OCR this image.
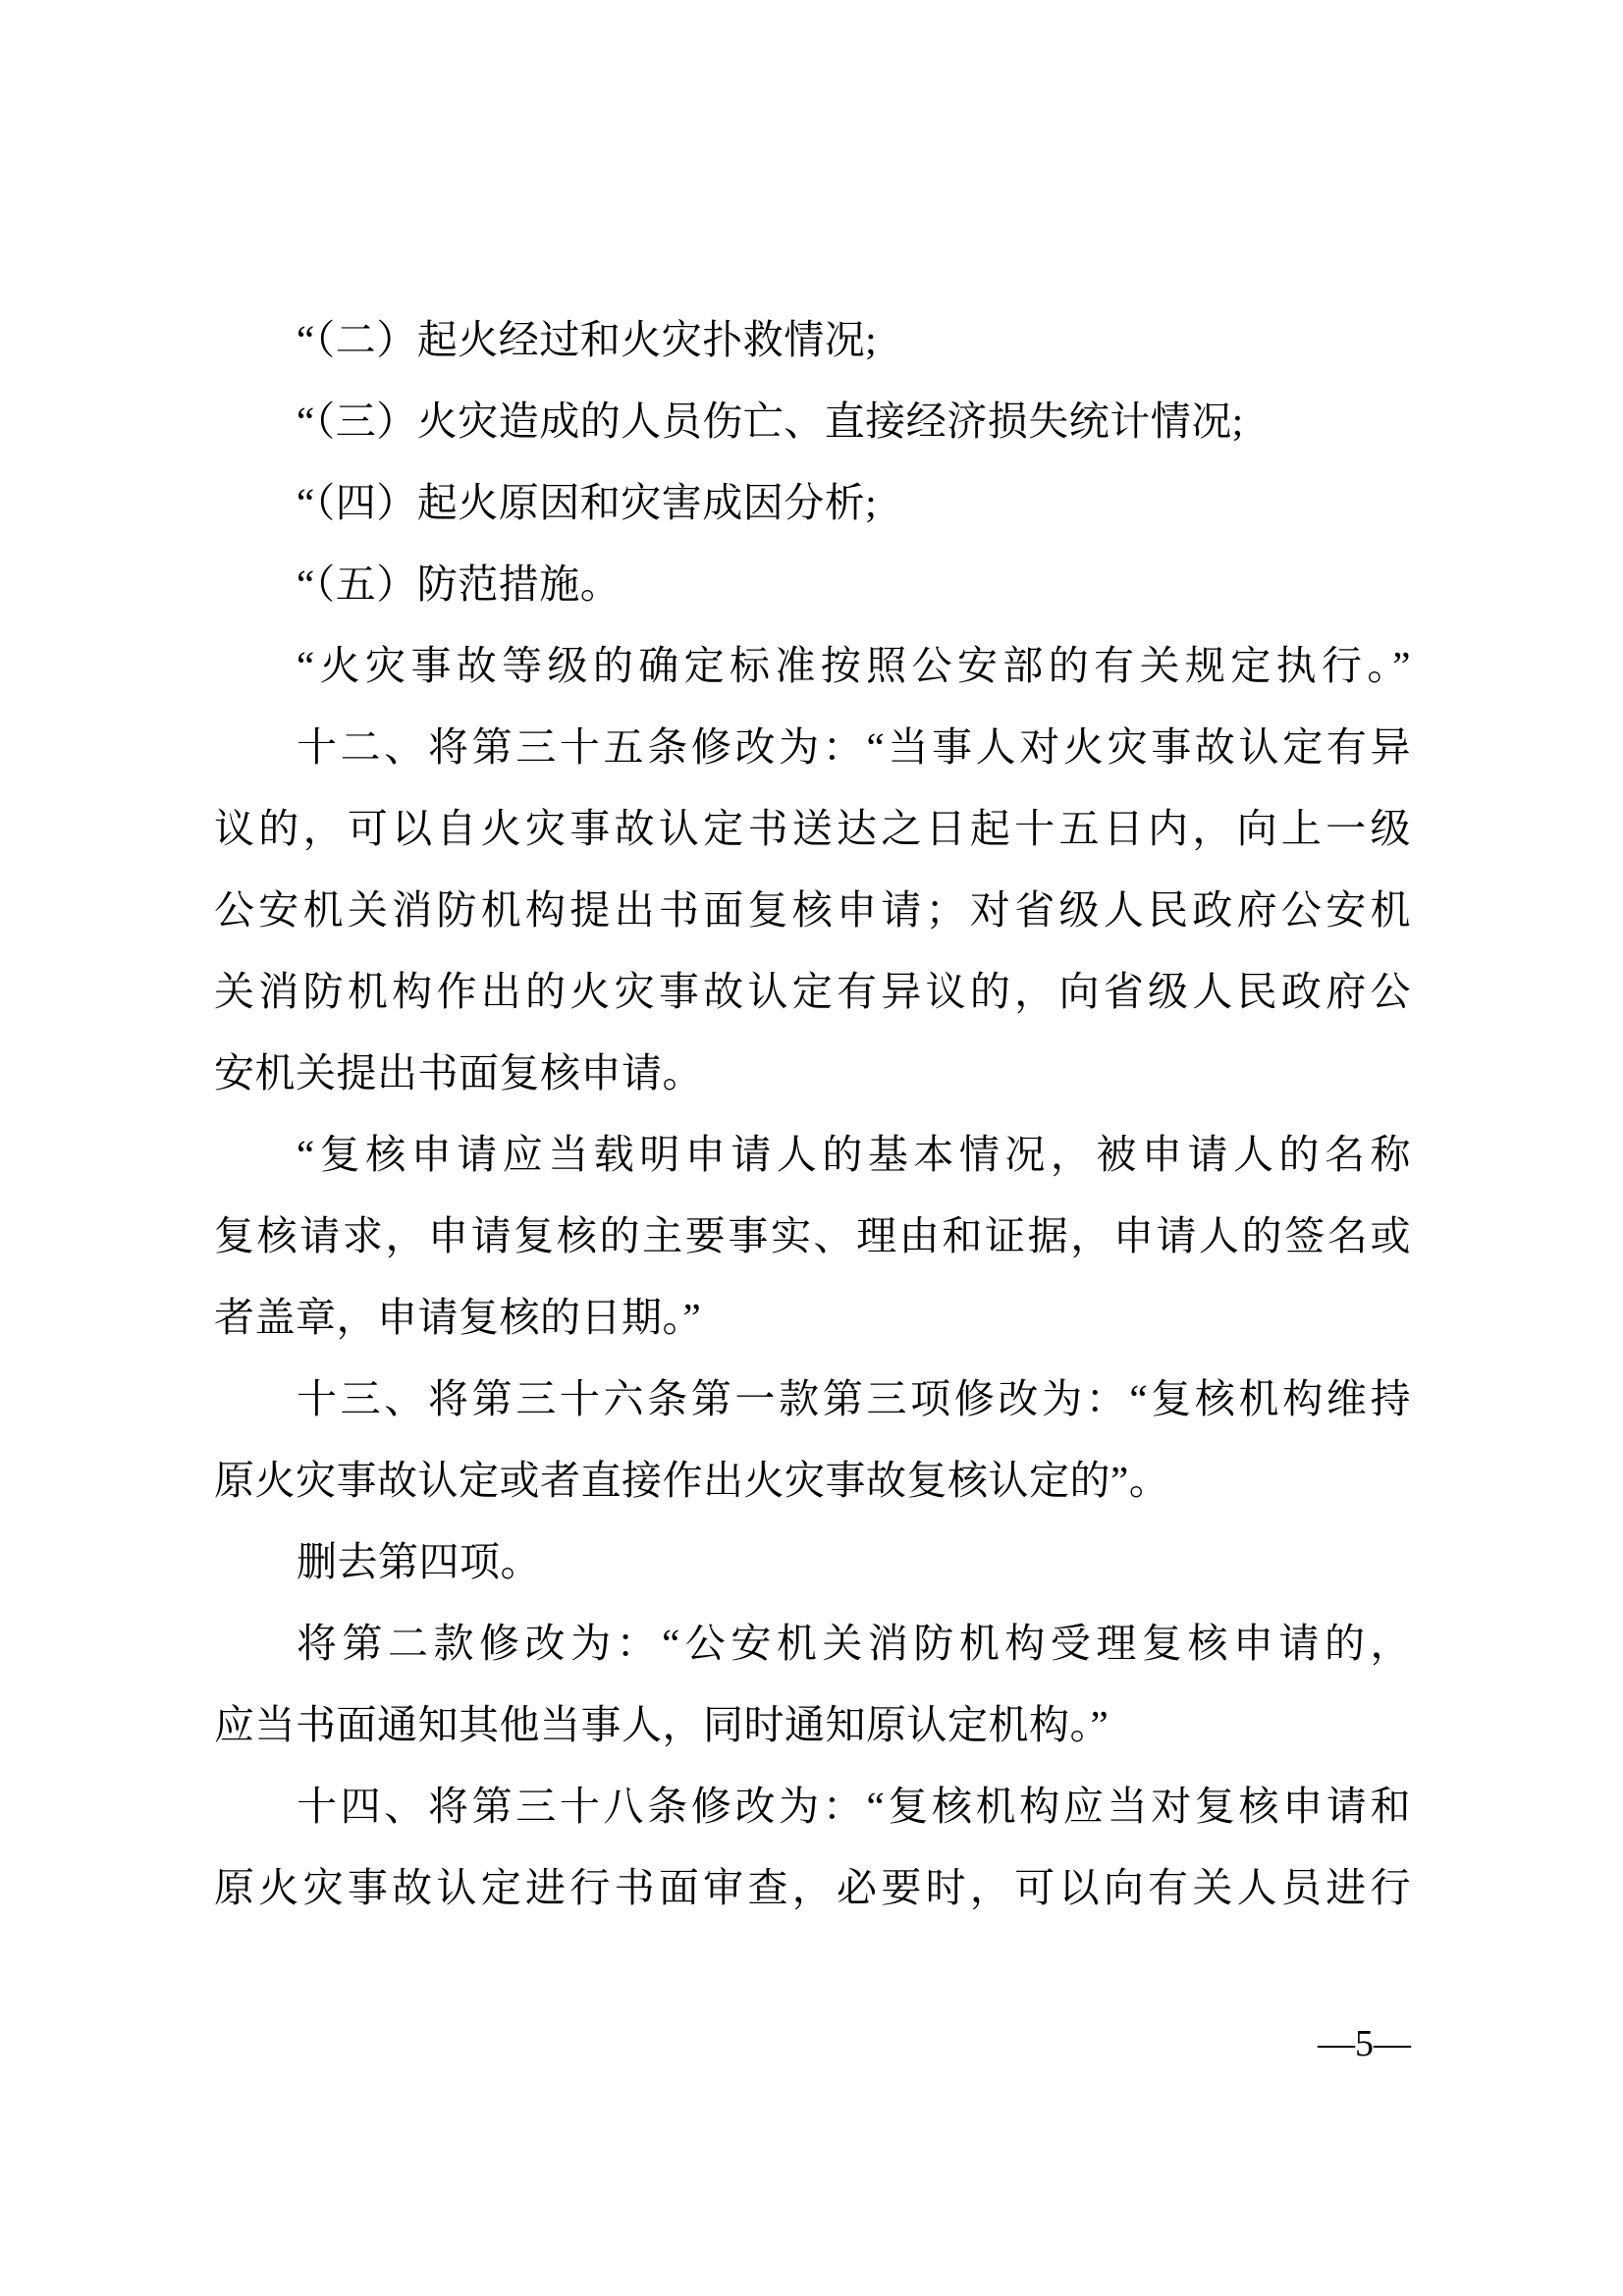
“（二）起火经过和火灾扑救情况;
“（三）火灾造成的人员伤亡、直接经济损失统计情况;
“（四）起火原因和灾害成因分析;
“（五）防范措施。
“火灾事故等级的确定标准按照公安部的有关规定执行。”
十二、将第三十五条修改为：“当事人对火灾事故认定有异
议的，可以自火灾事故认定书送达之日起十五日内，向上一级
公安机关消防机构提出书面复核申请；对省级人民政府公安机
关消防机构作出的火灾事故认定有异议的，向省级人民政府公
安机关提出书面复核申请。
“复核申请应当载明申请人的基本情况，被申请人的名称
复核请求，申请复核的主要事实、理由和证据，申请人的签名或
者盖章，申请复核的日期。”
十三、将第三十六条第一款第三项修改为：“复核机构维持
原火灾事故认定或者直接作出火灾事故复核认定的”。
删去第四项。
将第二款修改为：“公安机关消防机构受理复核申请的，
应当书面通知其他当事人，同时通知原认定机构。”
十四、将第三十八条修改为：“复核机构应当对复核申请和
原火灾事故认定进行书面审查，必要时，可以向有关人员进行
—5—
